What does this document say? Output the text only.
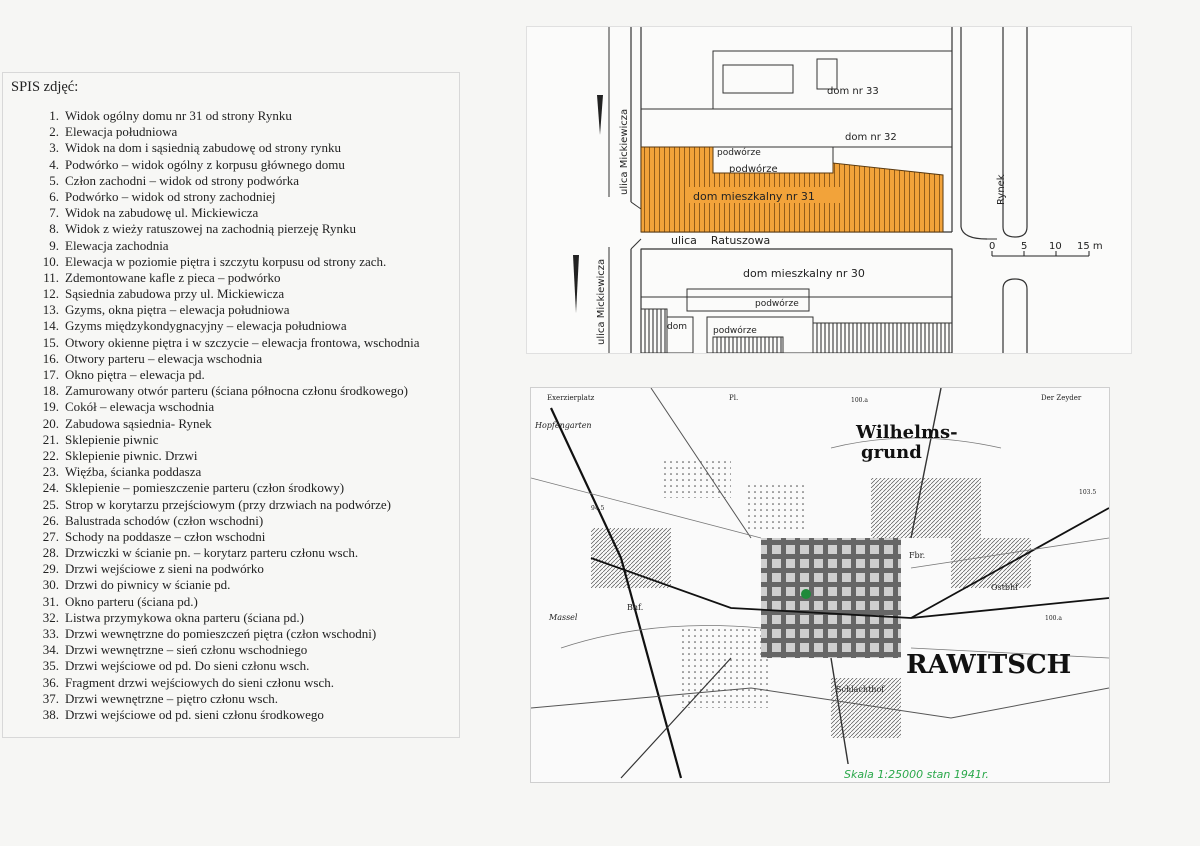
SPIS zdjęć:
1. Widok ogólny domu nr 31 od strony Rynku
2. Elewacja południowa
3. Widok na dom i sąsiednią zabudowę od strony rynku
4. Podwórko – widok ogólny z korpusu głównego domu
5. Człon zachodni – widok od strony podwórka
6. Podwórko – widok od strony zachodniej
7. Widok na zabudowę ul. Mickiewicza
8. Widok z wieży ratuszowej na zachodnią pierzeję Rynku
9. Elewacja zachodnia
10. Elewacja w poziomie piętra i szczytu korpusu od strony zach.
11. Zdemontowane kafle z pieca – podwórko
12. Sąsiednia zabudowa przy ul. Mickiewicza
13. Gzyms, okna piętra – elewacja południowa
14. Gzyms międzykondygnacyjny – elewacja południowa
15. Otwory okienne piętra i w szczycie – elewacja frontowa, wschodnia
16. Otwory parteru – elewacja wschodnia
17. Okno piętra – elewacja pd.
18. Zamurowany otwór parteru (ściana północna członu środkowego)
19. Cokół – elewacja wschodnia
20. Zabudowa sąsiednia- Rynek
21. Sklepienie piwnic
22. Sklepienie piwnic. Drzwi
23. Więźba, ścianka poddasza
24. Sklepienie – pomieszczenie parteru (człon środkowy)
25. Strop w korytarzu przejściowym (przy drzwiach na podwórze)
26. Balustrada schodów (człon wschodni)
27. Schody na poddasze – człon wschodni
28. Drzwiczki w ścianie pn. – korytarz parteru członu wsch.
29. Drzwi wejściowe z sieni na podwórko
30. Drzwi do piwnicy w ścianie pd.
31. Okno parteru (ściana pd.)
32. Listwa przymykowa okna parteru (ściana pd.)
33. Drzwi wewnętrzne do pomieszczeń piętra (człon wschodni)
34. Drzwi wewnętrzne – sień członu wschodniego
35. Drzwi wejściowe od pd. Do sieni członu wsch.
36. Fragment drzwi wejściowych do sieni członu wsch.
37. Drzwi wewnętrzne – piętro członu wsch.
38. Drzwi wejściowe od pd. sieni członu środkowego
dom nr 33
dom nr 32
podwórze
podwórze
dom mieszkalny nr 31
ulica Mickiewicza
ulica Mickiewicza
Rynek
ulica    Ratuszowa	0	5 10 15 m
dom mieszkalny nr 30
podwórze
dom	podwórze
Exerzierplatz	Pl.	Der Zeyder
Hopfengarten	Wilhelms-
grund
RAWITSCH
Ostbhf
Schlachthof
Fbr.
Bhf.
Massel
100.a
100.a
94.5
103.5
Skala 1:25000 stan 1941r.
